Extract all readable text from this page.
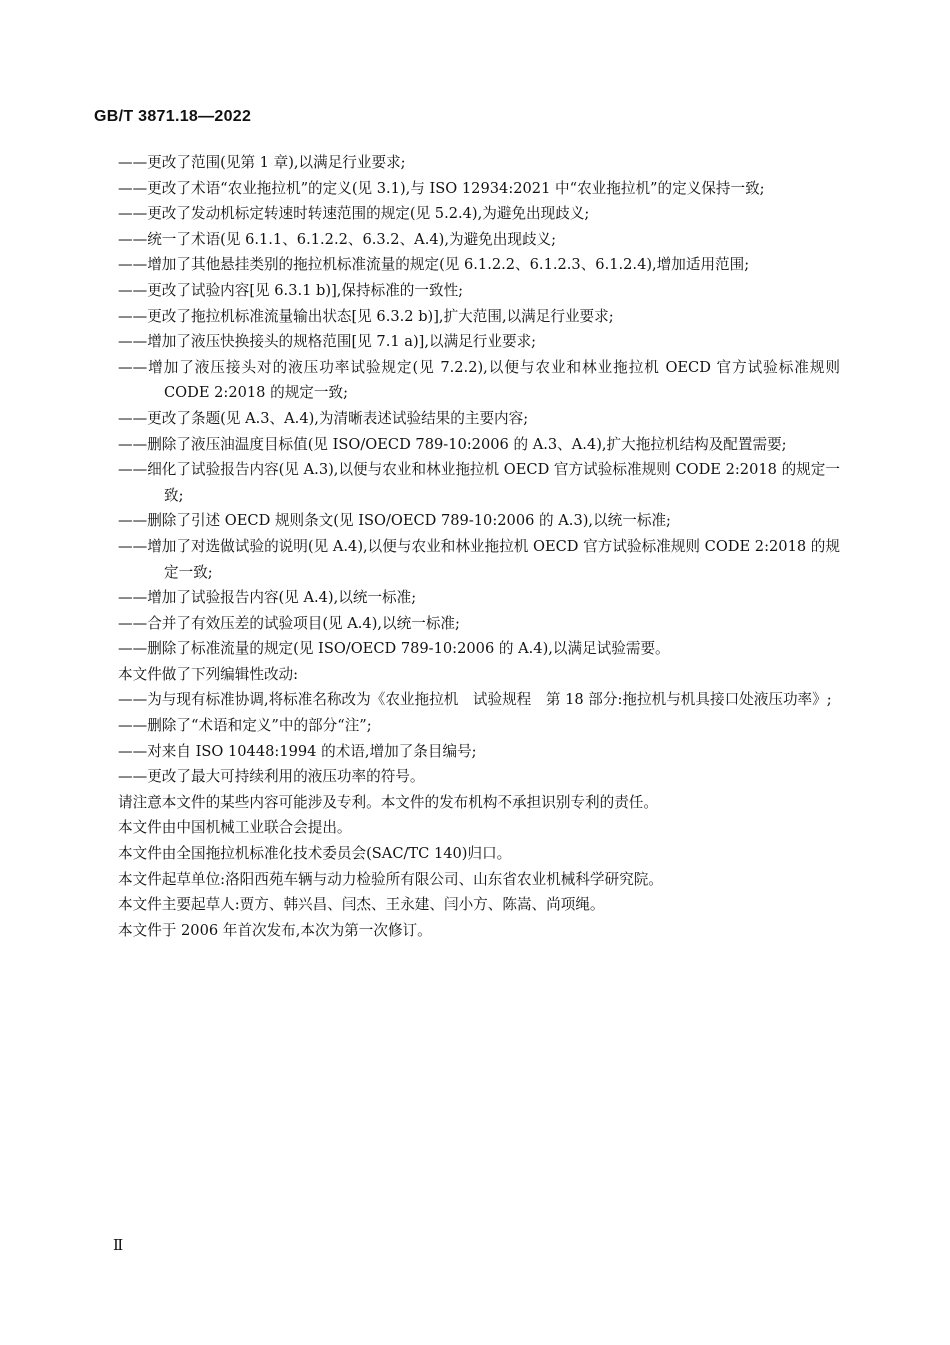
GB/T 3871.18—2022
——更改了范围(见第 1 章),以满足行业要求;
——更改了术语“农业拖拉机”的定义(见 3.1),与 ISO 12934:2021 中“农业拖拉机”的定义保持一致;
——更改了发动机标定转速时转速范围的规定(见 5.2.4),为避免出现歧义;
——统一了术语(见 6.1.1、6.1.2.2、6.3.2、A.4),为避免出现歧义;
——增加了其他悬挂类别的拖拉机标准流量的规定(见 6.1.2.2、6.1.2.3、6.1.2.4),增加适用范围;
——更改了试验内容[见 6.3.1 b)],保持标准的一致性;
——更改了拖拉机标准流量输出状态[见 6.3.2 b)],扩大范围,以满足行业要求;
——增加了液压快换接头的规格范围[见 7.1 a)],以满足行业要求;
——增加了液压接头对的液压功率试验规定(见 7.2.2),以便与农业和林业拖拉机 OECD 官方试验标准规则 CODE 2:2018 的规定一致;
——更改了条题(见 A.3、A.4),为清晰表述试验结果的主要内容;
——删除了液压油温度目标值(见 ISO/OECD 789-10:2006 的 A.3、A.4),扩大拖拉机结构及配置需要;
——细化了试验报告内容(见 A.3),以便与农业和林业拖拉机 OECD 官方试验标准规则 CODE 2:2018 的规定一致;
——删除了引述 OECD 规则条文(见 ISO/OECD 789-10:2006 的 A.3),以统一标准;
——增加了对选做试验的说明(见 A.4),以便与农业和林业拖拉机 OECD 官方试验标准规则 CODE 2:2018 的规定一致;
——增加了试验报告内容(见 A.4),以统一标准;
——合并了有效压差的试验项目(见 A.4),以统一标准;
——删除了标准流量的规定(见 ISO/OECD 789-10:2006 的 A.4),以满足试验需要。
本文件做了下列编辑性改动:
——为与现有标准协调,将标准名称改为《农业拖拉机　试验规程　第 18 部分:拖拉机与机具接口处液压功率》;
——删除了“术语和定义”中的部分“注”;
——对来自 ISO 10448:1994 的术语,增加了条目编号;
——更改了最大可持续利用的液压功率的符号。
请注意本文件的某些内容可能涉及专利。本文件的发布机构不承担识别专利的责任。
本文件由中国机械工业联合会提出。
本文件由全国拖拉机标准化技术委员会(SAC/TC 140)归口。
本文件起草单位:洛阳西苑车辆与动力检验所有限公司、山东省农业机械科学研究院。
本文件主要起草人:贾方、韩兴昌、闫杰、王永建、闫小方、陈嵩、尚项绳。
本文件于 2006 年首次发布,本次为第一次修订。
Ⅱ
